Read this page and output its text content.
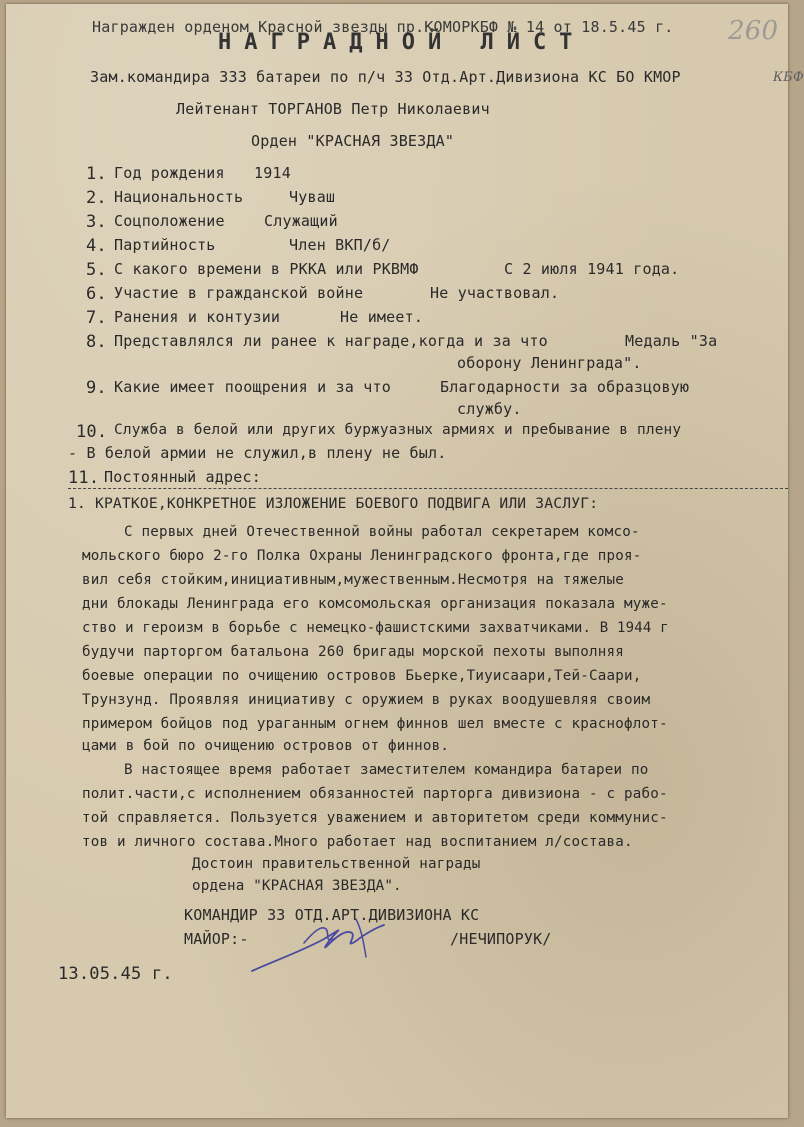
260
Награжден орденом Красной звезды пр.КОМОРКБФ № 14 от 18.5.45 г.
НАГРАДНОЙ ЛИСТ
Зам.командира 333 батареи по п/ч 33 Отд.Арт.Дивизиона КС БО КМОР	КБФ
Лейтенант ТОРГАНОВ Петр Николаевич
Орден "КРАСНАЯ ЗВЕЗДА"
1. Год рождения 1914
2. Национальность	Чуваш
3. Соцположение	Служащий
4. Партийность	Член ВКП/б/
5. С какого времени в РККА или РКВМФ	С 2 июля 1941 года.
6. Участие в гражданской войне	Не участвовал.
7. Ранения и контузии	Не имеет.
8. Представлялся ли ранее к награде,когда и за что	Медаль "За
оборону Ленинграда".
9. Какие имеет поощрения и за что	Благодарности за образцовую
службу.
10. Служба в белой или других буржуазных армиях и пребывание в плену
- В белой армии не служил,в плену не был.
11. Постоянный адрес:
1. КРАТКОЕ,КОНКРЕТНОЕ ИЗЛОЖЕНИЕ БОЕВОГО ПОДВИГА ИЛИ ЗАСЛУГ:
С первых дней Отечественной войны работал секретарем комсо-
мольского бюро 2-го Полка Охраны Ленинградского фронта,где проя-
вил себя стойким,инициативным,мужественным.Несмотря на тяжелые
дни блокады Ленинграда его комсомольская организация показала муже-
ство и героизм в борьбе с немецко-фашистскими захватчиками. В 1944 г
будучи парторгом батальона 260 бригады морской пехоты выполняя
боевые операции по очищению островов Бьерке,Тиуисаари,Тей-Саари,
Трунзунд. Проявляя инициативу с оружием в руках воодушевляя своим
примером бойцов под ураганным огнем финнов шел вместе с краснофлот-
цами в бой по очищению островов от финнов.
В настоящее время работает заместителем командира батареи по
полит.части,с исполнением обязанностей парторга дивизиона - с рабо-
той справляется. Пользуется уважением и авторитетом среди коммунис-
тов и личного состава.Много работает над воспитанием л/состава.
Достоин правительственной награды
ордена "КРАСНАЯ ЗВЕЗДА".
КОМАНДИР 33 ОТД.АРТ.ДИВИЗИОНА КС
МАЙОР:-	/НЕЧИПОРУК/
13.05.45 г.
